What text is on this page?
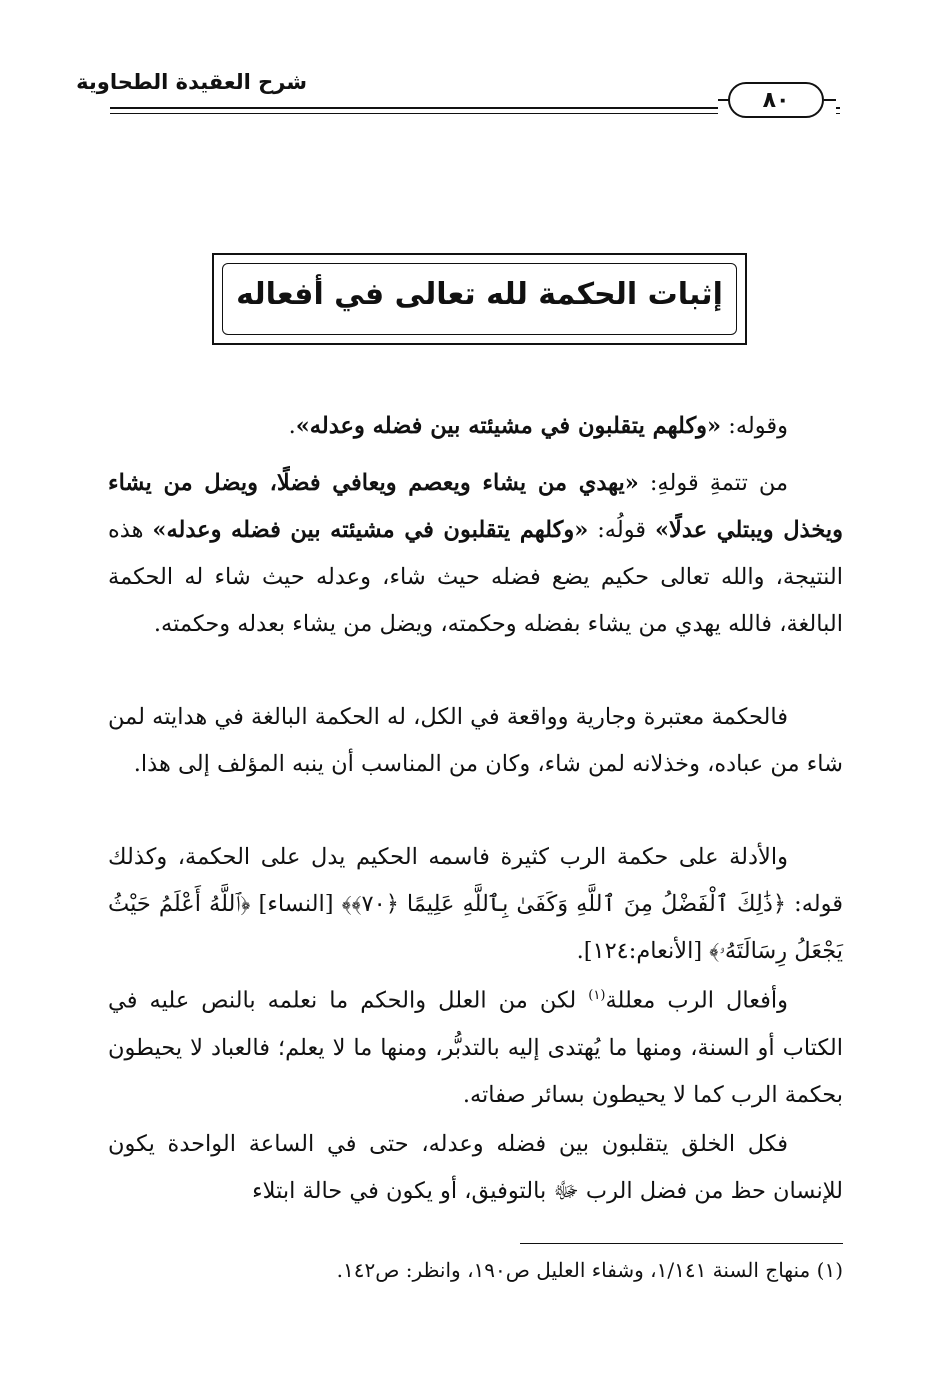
شرح العقيدة الطحاوية
٨٠
إثبات الحكمة لله تعالى في أفعاله
وقوله: «وكلهم يتقلبون في مشيئته بين فضله وعدله».
من تتمةِ قولهِ: «يهدي من يشاء ويعصم ويعافي فضلًا، ويضل من يشاء ويخذل ويبتلي عدلًا» قولُه: «وكلهم يتقلبون في مشيئته بين فضله وعدله» هذه النتيجة، والله تعالى حكيم يضع فضله حيث شاء، وعدله حيث شاء له الحكمة البالغة، فالله يهدي من يشاء بفضله وحكمته، ويضل من يشاء بعدله وحكمته.
فالحكمة معتبرة وجارية وواقعة في الكل، له الحكمة البالغة في هدايته لمن شاء من عباده، وخذلانه لمن شاء، وكان من المناسب أن ينبه المؤلف إلى هذا.
والأدلة على حكمة الرب كثيرة فاسمه الحكيم يدل على الحكمة، وكذلك قوله: ﴿ذَٰلِكَ ٱلْفَضْلُ مِنَ ٱللَّهِ وَكَفَىٰ بِٱللَّهِ عَلِيمًا ﴿٧٠﴾﴾ [النساء] ﴿ٱللَّهُ أَعْلَمُ حَيْثُ يَجْعَلُ رِسَالَتَهُۥ﴾ [الأنعام:١٢٤].
وأفعال الرب معللة$^{(١)}$ لكن من العلل والحكم ما نعلمه بالنص عليه في الكتاب أو السنة، ومنها ما يُهتدى إليه بالتدبُّر، ومنها ما لا يعلم؛ فالعباد لا يحيطون بحكمة الرب كما لا يحيطون بسائر صفاته.
فكل الخلق يتقلبون بين فضله وعدله، حتى في الساعة الواحدة يكون للإنسان حظ من فضل الرب ﷻ بالتوفيق، أو يكون في حالة ابتلاء
(١) منهاج السنة ١/١٤١، وشفاء العليل ص١٩٠، وانظر: ص١٤٢.
